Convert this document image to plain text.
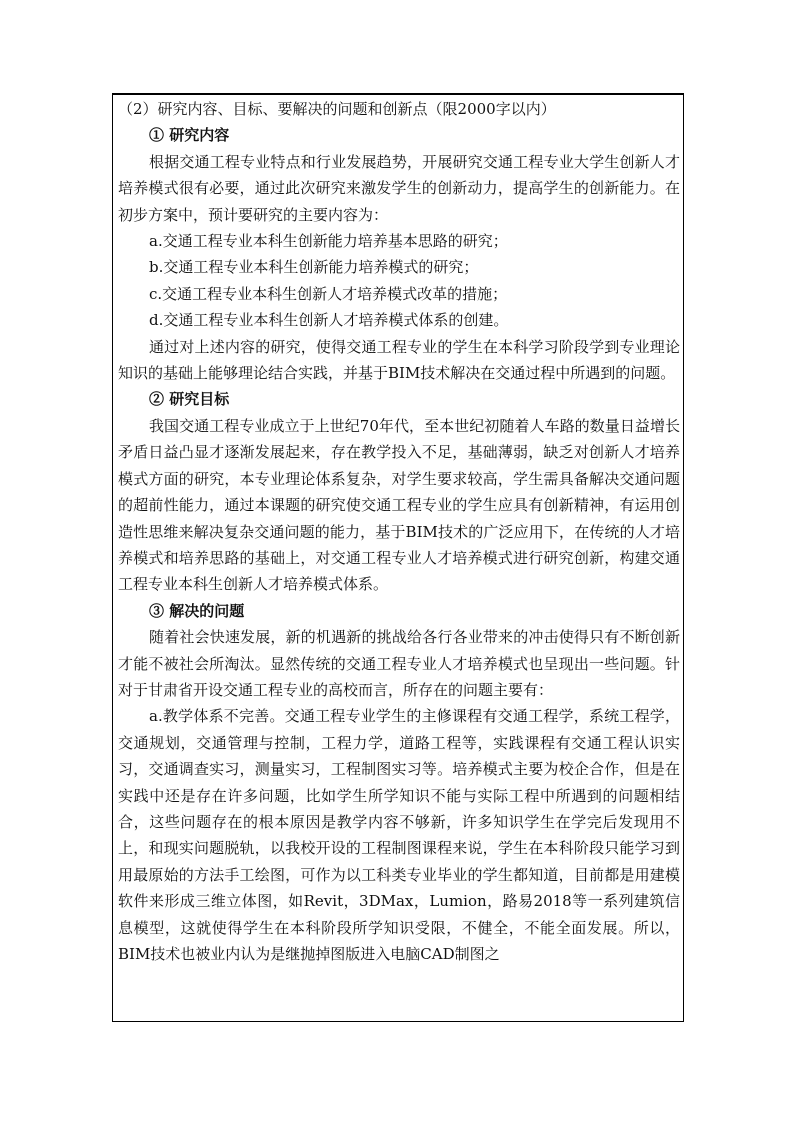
（2）研究内容、目标、要解决的问题和创新点（限2000字以内）

① 研究内容

根据交通工程专业特点和行业发展趋势，开展研究交通工程专业大学生创新人才培养模式很有必要，通过此次研究来激发学生的创新动力，提高学生的创新能力。在初步方案中，预计要研究的主要内容为：

a.交通工程专业本科生创新能力培养基本思路的研究；

b.交通工程专业本科生创新能力培养模式的研究；

c.交通工程专业本科生创新人才培养模式改革的措施；

d.交通工程专业本科生创新人才培养模式体系的创建。

通过对上述内容的研究，使得交通工程专业的学生在本科学习阶段学到专业理论知识的基础上能够理论结合实践，并基于BIM技术解决在交通过程中所遇到的问题。

② 研究目标

我国交通工程专业成立于上世纪70年代，至本世纪初随着人车路的数量日益增长矛盾日益凸显才逐渐发展起来，存在教学投入不足，基础薄弱，缺乏对创新人才培养模式方面的研究，本专业理论体系复杂，对学生要求较高，学生需具备解决交通问题的超前性能力，通过本课题的研究使交通工程专业的学生应具有创新精神，有运用创造性思维来解决复杂交通问题的能力，基于BIM技术的广泛应用下，在传统的人才培养模式和培养思路的基础上，对交通工程专业人才培养模式进行研究创新，构建交通工程专业本科生创新人才培养模式体系。

③ 解决的问题

随着社会快速发展，新的机遇新的挑战给各行各业带来的冲击使得只有不断创新才能不被社会所淘汰。显然传统的交通工程专业人才培养模式也呈现出一些问题。针对于甘肃省开设交通工程专业的高校而言，所存在的问题主要有：

a.教学体系不完善。交通工程专业学生的主修课程有交通工程学，系统工程学，交通规划，交通管理与控制，工程力学，道路工程等，实践课程有交通工程认识实习，交通调查实习，测量实习，工程制图实习等。培养模式主要为校企合作，但是在实践中还是存在许多问题，比如学生所学知识不能与实际工程中所遇到的问题相结合，这些问题存在的根本原因是教学内容不够新，许多知识学生在学完后发现用不上，和现实问题脱轨，以我校开设的工程制图课程来说，学生在本科阶段只能学习到用最原始的方法手工绘图，可作为以工科类专业毕业的学生都知道，目前都是用建模软件来形成三维立体图，如Revit，3DMax，Lumion，路易2018等一系列建筑信息模型，这就使得学生在本科阶段所学知识受限，不健全，不能全面发展。所以，BIM技术也被业内认为是继抛掉图版进入电脑CAD制图之
